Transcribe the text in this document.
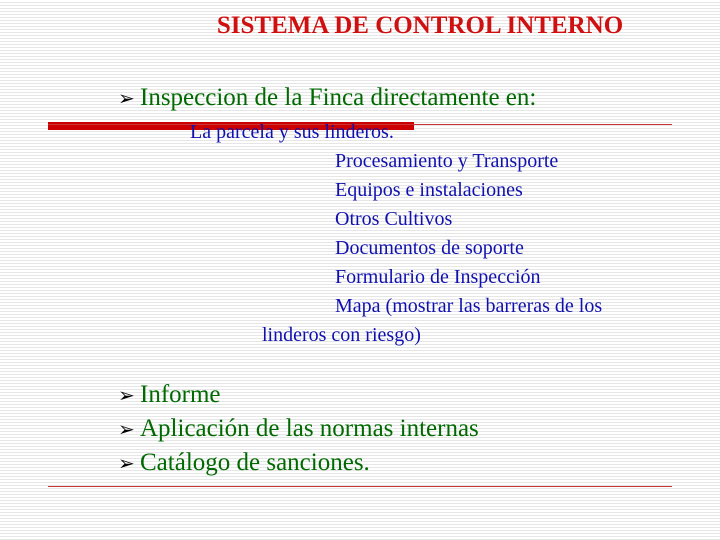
SISTEMA DE CONTROL INTERNO
➢ Inspeccion de la Finca directamente en:
La parcela y sus linderos.
Procesamiento y Transporte
Equipos e instalaciones
Otros Cultivos
Documentos de soporte
Formulario de Inspección
Mapa (mostrar las barreras de los
linderos con riesgo)
➢ Informe
➢ Aplicación de las normas internas
➢ Catálogo de sanciones.
